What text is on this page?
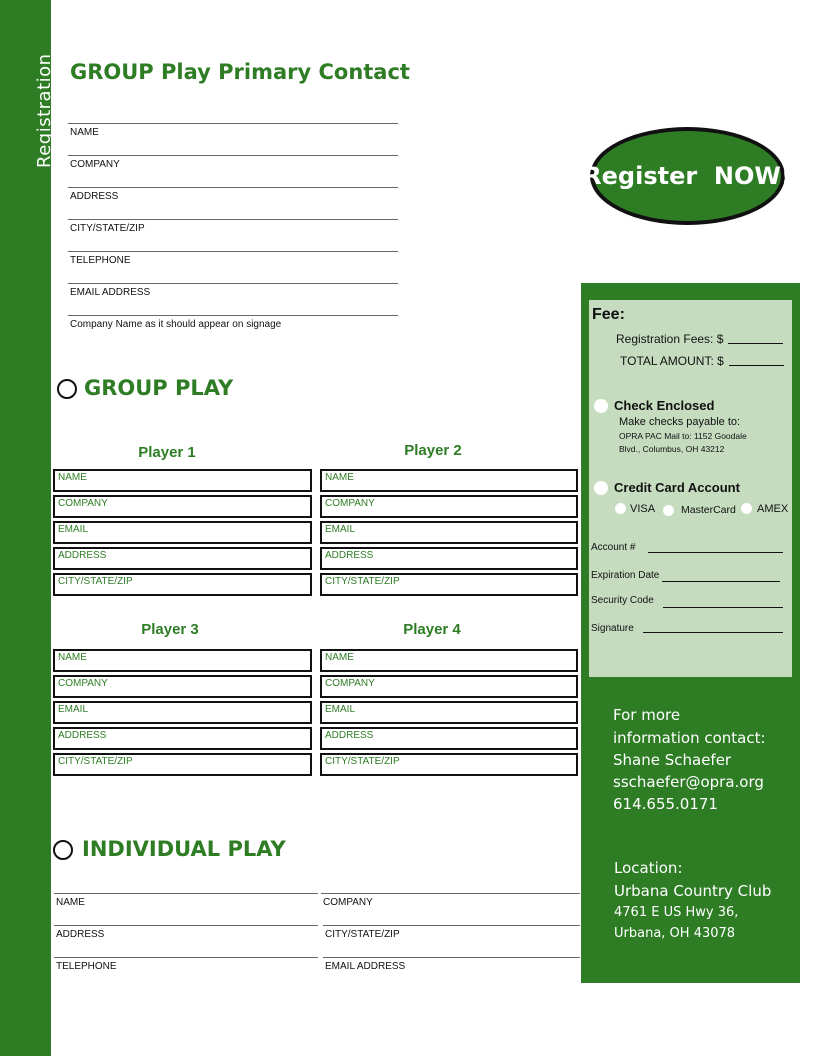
Registration GROUP Play Primary Contact
NAME
COMPANY
ADDRESS
CITY/STATE/ZIP
TELEPHONE
EMAIL ADDRESS
Company Name as it should appear on signage
GROUP PLAY
Player 1	Player 2
Player 3	Player 4
NAME
COMPANY
EMAIL
ADDRESS
CITY/STATE/ZIP
NAME
COMPANY
EMAIL
ADDRESS
CITY/STATE/ZIP
NAME
COMPANY
EMAIL
ADDRESS
CITY/STATE/ZIP
NAME
COMPANY
EMAIL
ADDRESS
CITY/STATE/ZIP
INDIVIDUAL PLAY
NAME
ADDRESS
TELEPHONE
COMPANY
CITY/STATE/ZIP
EMAIL ADDRESS
Register  NOW!
Fee:
Registration Fees: $
TOTAL AMOUNT: $
Check Enclosed
Make checks payable to:
OPRA PAC Mail to: 1152 Goodale
Blvd., Columbus, OH 43212
Credit Card Account
VISA MasterCard AMEX
Account #
Expiration Date
Security Code
Signature
For more
information contact:
Shane Schaefer
sschaefer@opra.org
614.655.0171
Location:
Urbana Country Club
4761 E US Hwy 36,
Urbana, OH 43078
